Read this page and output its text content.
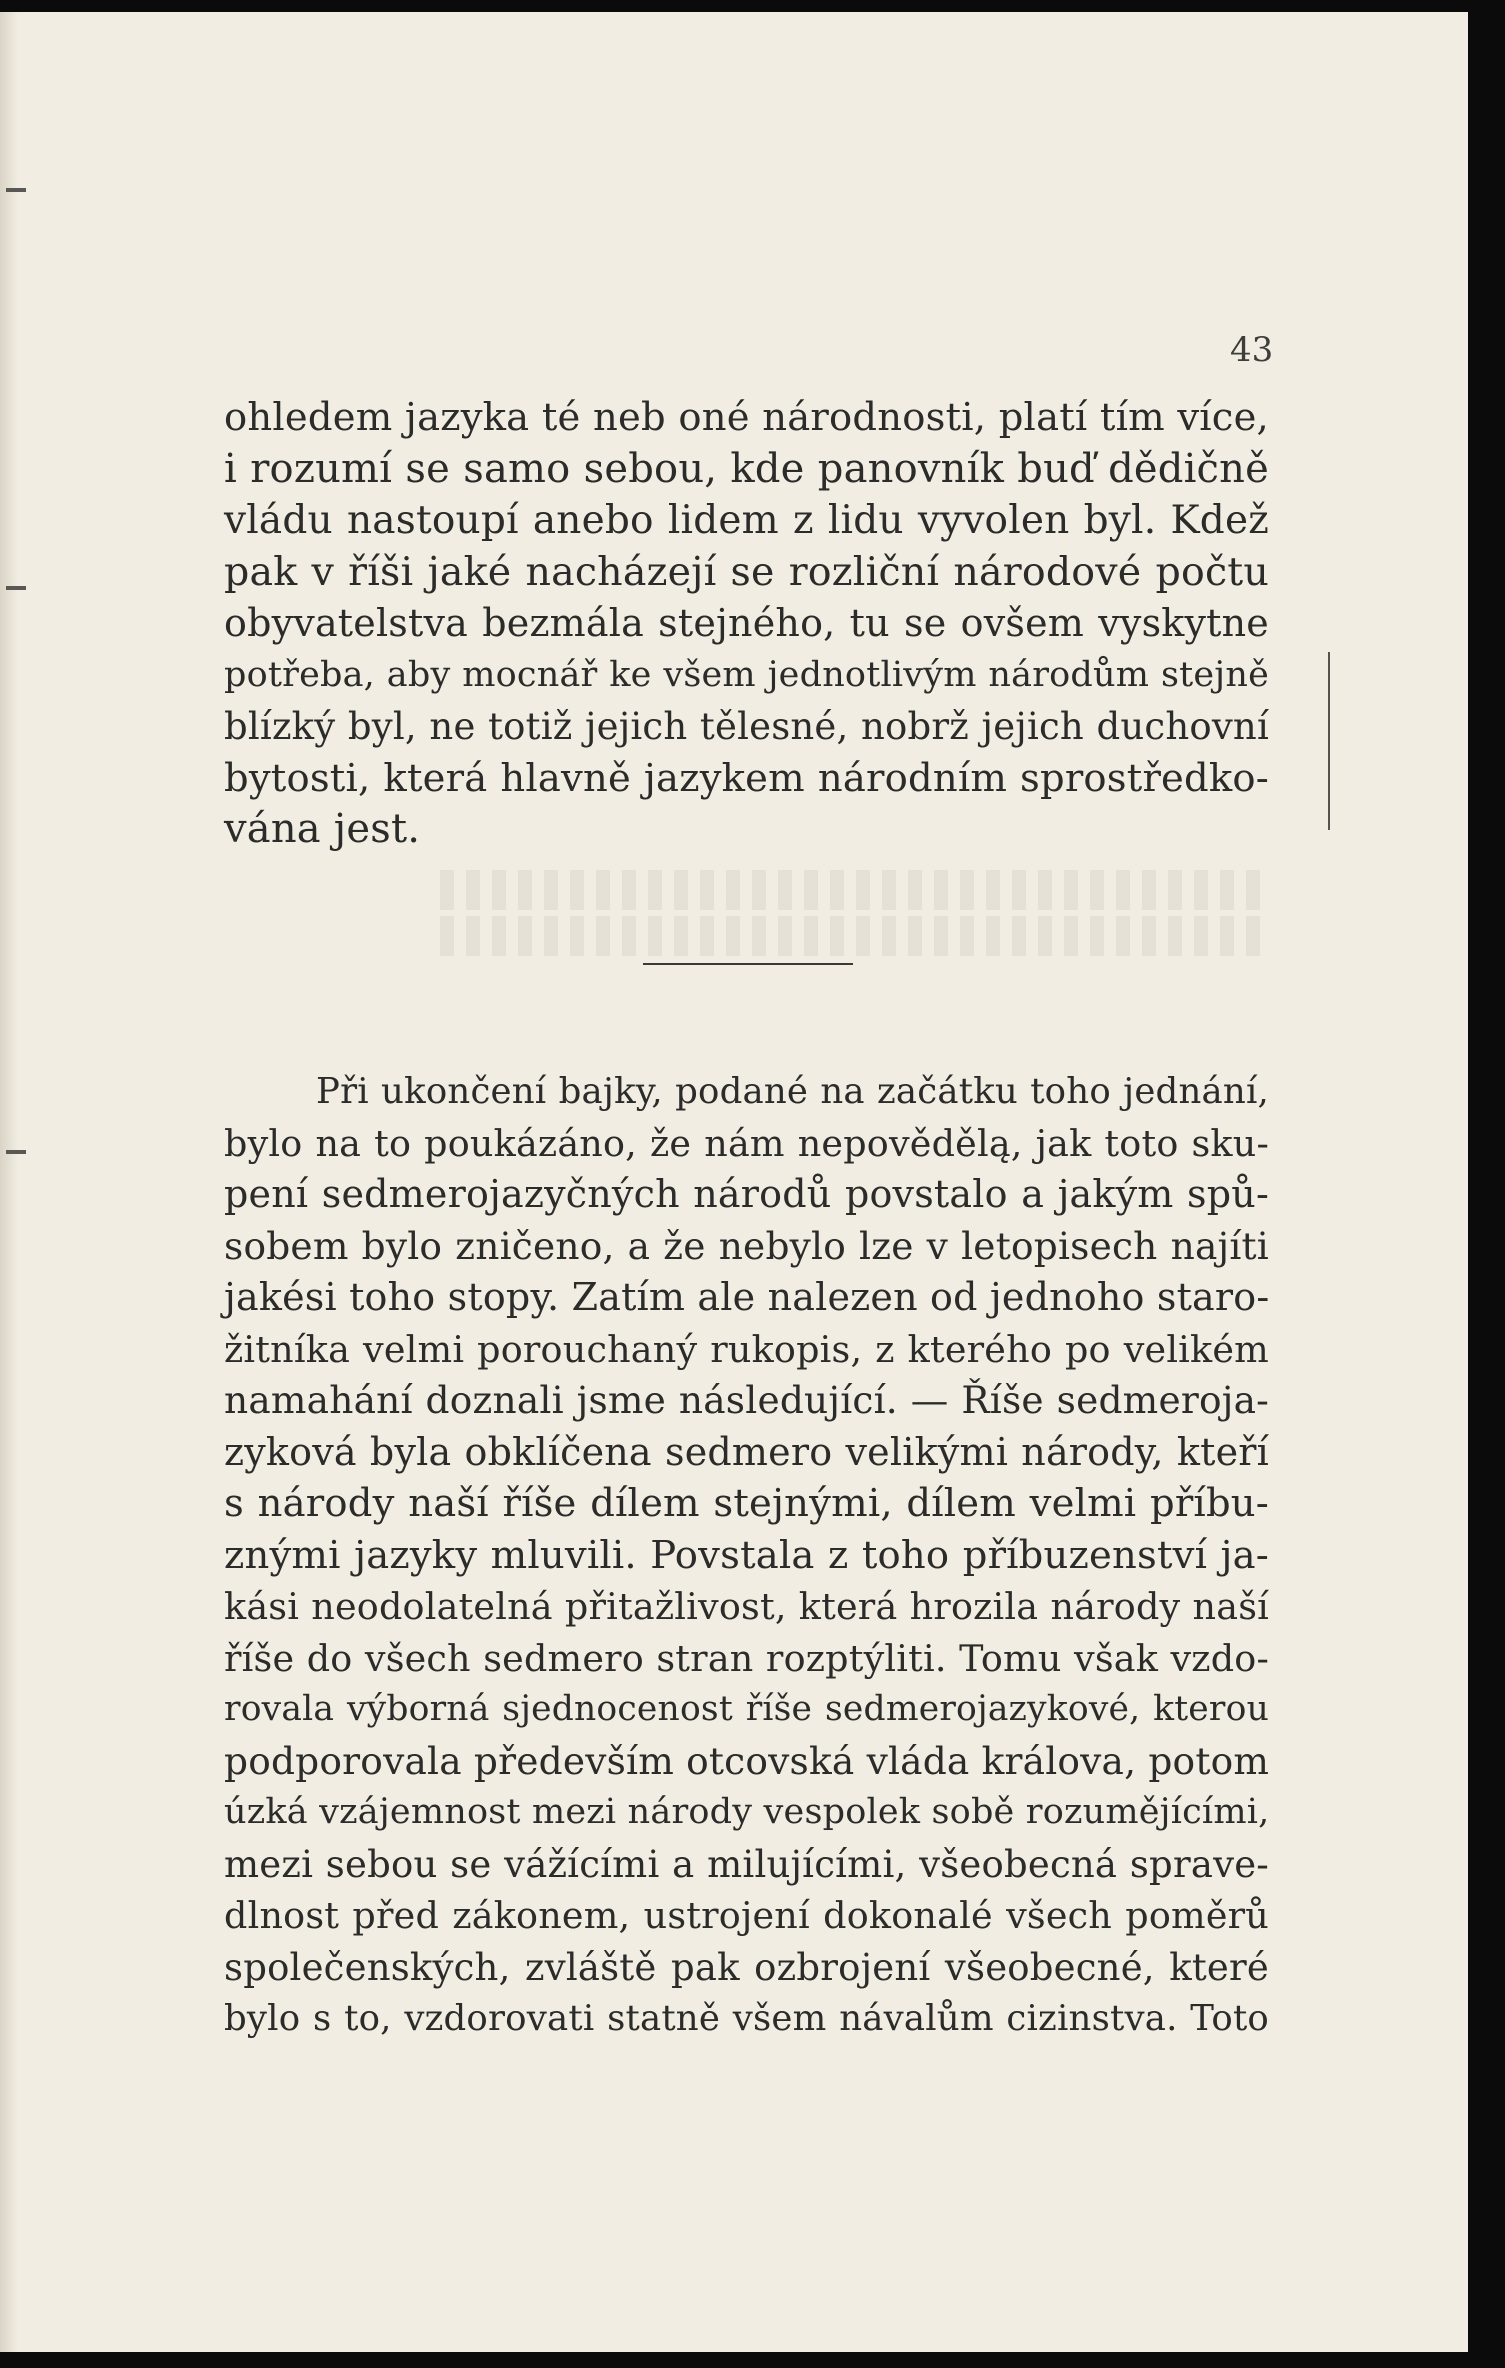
43
ohledem jazyka té neb oné národnosti, platí tím více,
i rozumí se samo sebou, kde panovník buď dědičně
vládu nastoupí anebo lidem z lidu vyvolen byl. Kdež
pak v říši jaké nacházejí se rozliční národové počtu
obyvatelstva bezmála stejného, tu se ovšem vyskytne
potřeba, aby mocnář ke všem jednotlivým národům stejně
blízký byl, ne totiž jejich tělesné, nobrž jejich duchovní
bytosti, která hlavně jazykem národním sprostředko-
vána jest.
Při ukončení bajky, podané na začátku toho jednání,
bylo na to poukázáno, že nám nepovědělą, jak toto sku-
pení sedmerojazyčných národů povstalo a jakým spů-
sobem bylo zničeno, a že nebylo lze v letopisech najíti
jakési toho stopy. Zatím ale nalezen od jednoho staro-
žitníka velmi porouchaný rukopis, z kterého po velikém
namahání doznali jsme následující. — Říše sedmeroja-
zyková byla obklíčena sedmero velikými národy, kteří
s národy naší říše dílem stejnými, dílem velmi příbu-
znými jazyky mluvili. Povstala z toho příbuzenství ja-
kási neodolatelná přitažlivost, která hrozila národy naší
říše do všech sedmero stran rozptýliti. Tomu však vzdo-
rovala výborná sjednocenost říše sedmerojazykové, kterou
podporovala především otcovská vláda králova, potom
úzká vzájemnost mezi národy vespolek sobě rozumějícími,
mezi sebou se vážícími a milujícími, všeobecná sprave-
dlnost před zákonem, ustrojení dokonalé všech poměrů
společenských, zvláště pak ozbrojení všeobecné, které
bylo s to, vzdorovati statně všem návalům cizinstva. Toto
